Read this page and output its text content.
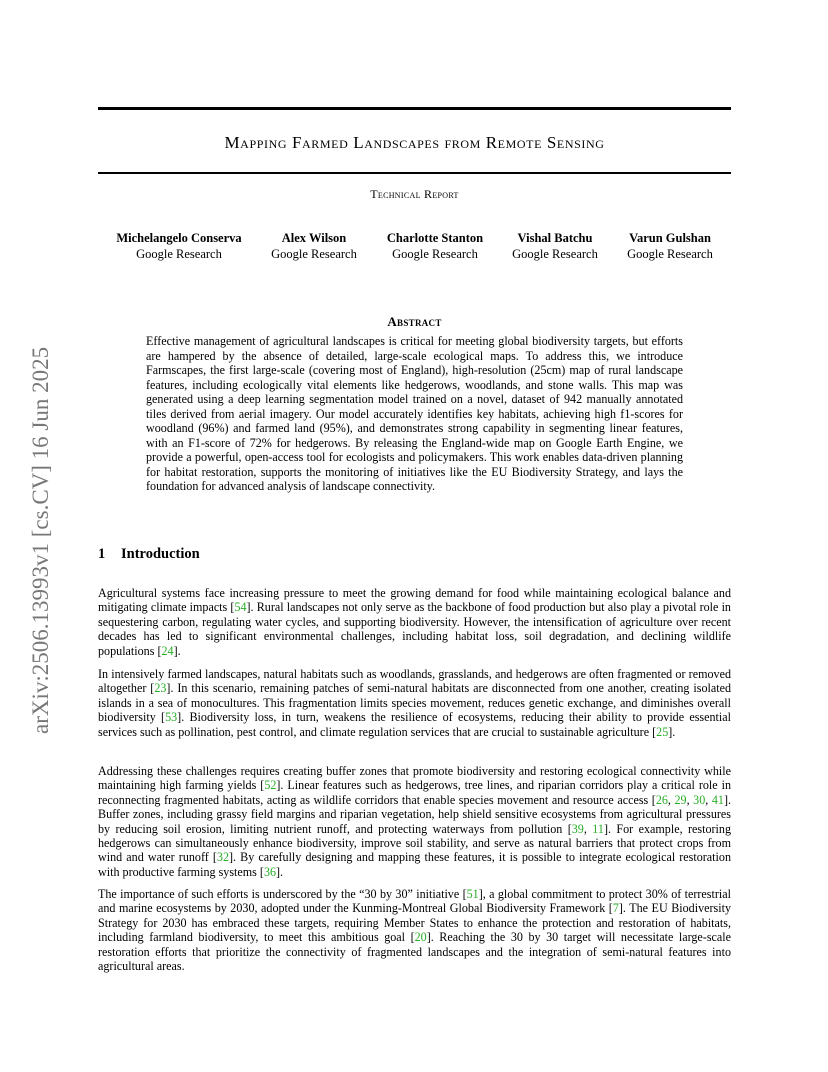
arXiv:2506.13993v1 [cs.CV] 16 Jun 2025
Mapping Farmed Landscapes from Remote Sensing
Technical Report
Michelangelo Conserva
Google Research
Alex Wilson
Google Research
Charlotte Stanton
Google Research
Vishal Batchu
Google Research
Varun Gulshan
Google Research
Abstract
Effective management of agricultural landscapes is critical for meeting global biodiversity targets, but efforts are hampered by the absence of detailed, large-scale ecological maps. To address this, we introduce Farmscapes, the first large-scale (covering most of England), high-resolution (25cm) map of rural landscape features, including ecologically vital elements like hedgerows, woodlands, and stone walls. This map was generated using a deep learning segmentation model trained on a novel, dataset of 942 manually annotated tiles derived from aerial imagery. Our model accurately identifies key habitats, achieving high f1-scores for woodland (96%) and farmed land (95%), and demonstrates strong capability in segmenting linear features, with an F1-score of 72% for hedgerows. By releasing the England-wide map on Google Earth Engine, we provide a powerful, open-access tool for ecologists and policymakers. This work enables data-driven planning for habitat restoration, supports the monitoring of initiatives like the EU Biodiversity Strategy, and lays the foundation for advanced analysis of landscape connectivity.
1 Introduction
Agricultural systems face increasing pressure to meet the growing demand for food while maintaining ecological balance and mitigating climate impacts [54]. Rural landscapes not only serve as the backbone of food production but also play a pivotal role in sequestering carbon, regulating water cycles, and supporting biodiversity. However, the intensification of agriculture over recent decades has led to significant environmental challenges, including habitat loss, soil degradation, and declining wildlife populations [24].
In intensively farmed landscapes, natural habitats such as woodlands, grasslands, and hedgerows are often fragmented or removed altogether [23]. In this scenario, remaining patches of semi-natural habitats are disconnected from one another, creating isolated islands in a sea of monocultures. This fragmentation limits species movement, reduces genetic exchange, and diminishes overall biodiversity [53]. Biodiversity loss, in turn, weakens the resilience of ecosystems, reducing their ability to provide essential services such as pollination, pest control, and climate regulation services that are crucial to sustainable agriculture [25].
Addressing these challenges requires creating buffer zones that promote biodiversity and restoring ecological connectivity while maintaining high farming yields [52]. Linear features such as hedgerows, tree lines, and riparian corridors play a critical role in reconnecting fragmented habitats, acting as wildlife corridors that enable species movement and resource access [26, 29, 30, 41]. Buffer zones, including grassy field margins and riparian vegetation, help shield sensitive ecosystems from agricultural pressures by reducing soil erosion, limiting nutrient runoff, and protecting waterways from pollution [39, 11]. For example, restoring hedgerows can simultaneously enhance biodiversity, improve soil stability, and serve as natural barriers that protect crops from wind and water runoff [32]. By carefully designing and mapping these features, it is possible to integrate ecological restoration with productive farming systems [36].
The importance of such efforts is underscored by the “30 by 30” initiative [51], a global commitment to protect 30% of terrestrial and marine ecosystems by 2030, adopted under the Kunming-Montreal Global Biodiversity Framework [7]. The EU Biodiversity Strategy for 2030 has embraced these targets, requiring Member States to enhance the protection and restoration of habitats, including farmland biodiversity, to meet this ambitious goal [20]. Reaching the 30 by 30 target will necessitate large-scale restoration efforts that prioritize the connectivity of fragmented landscapes and the integration of semi-natural features into agricultural areas.
